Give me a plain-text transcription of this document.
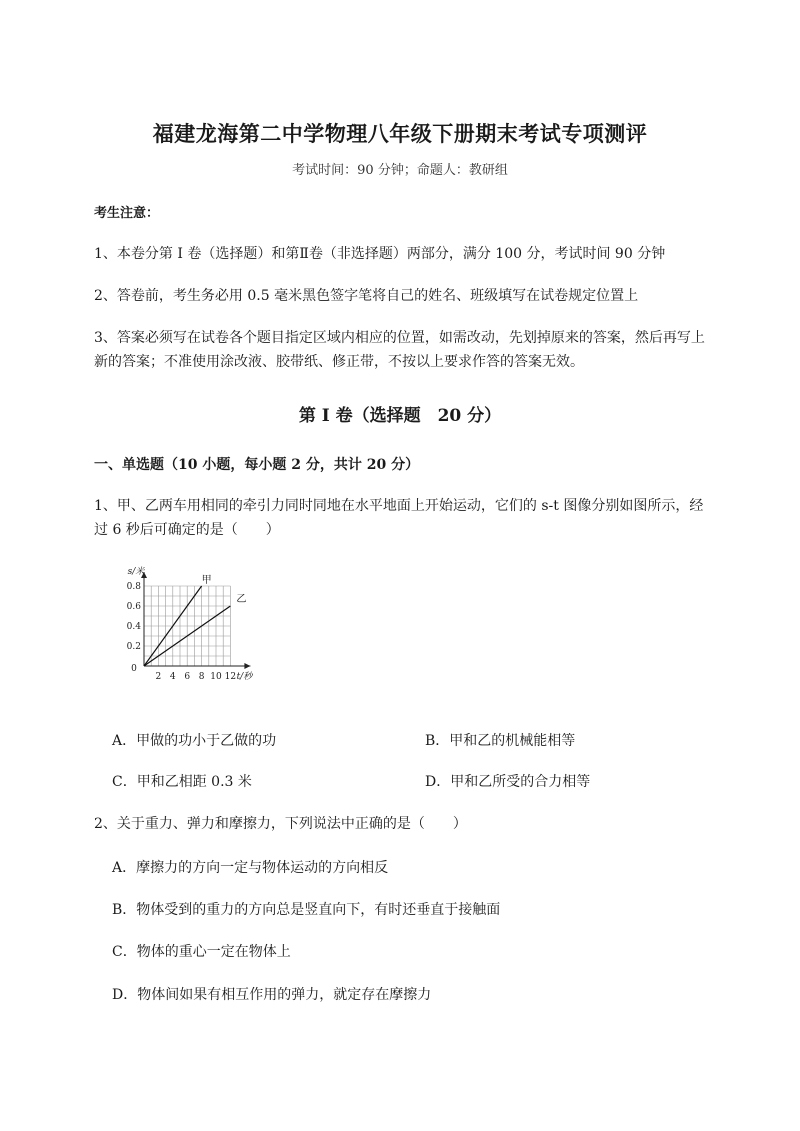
福建龙海第二中学物理八年级下册期末考试专项测评
考试时间：90 分钟；命题人：教研组
考生注意：
1、本卷分第 I 卷（选择题）和第Ⅱ卷（非选择题）两部分，满分 100 分，考试时间 90 分钟
2、答卷前，考生务必用 0.5 毫米黑色签字笔将自己的姓名、班级填写在试卷规定位置上
3、答案必须写在试卷各个题目指定区域内相应的位置，如需改动，先划掉原来的答案，然后再写上新的答案；不准使用涂改液、胶带纸、修正带，不按以上要求作答的答案无效。
第 I 卷（选择题　20 分）
一、单选题（10 小题，每小题 2 分，共计 20 分）
1、甲、乙两车用相同的牵引力同时同地在水平地面上开始运动，它们的 s-t 图像分别如图所示，经过 6 秒后可确定的是（　　）
2 4 6 8 10 12
0.2
0.4
0.6
0.8
0
s/米
t/秒
甲
乙
A．甲做的功小于乙做的功	B．甲和乙的机械能相等
C．甲和乙相距 0.3 米	D．甲和乙所受的合力相等
2、关于重力、弹力和摩擦力，下列说法中正确的是（　　）
A．摩擦力的方向一定与物体运动的方向相反
B．物体受到的重力的方向总是竖直向下，有时还垂直于接触面
C．物体的重心一定在物体上
D．物体间如果有相互作用的弹力，就定存在摩擦力
